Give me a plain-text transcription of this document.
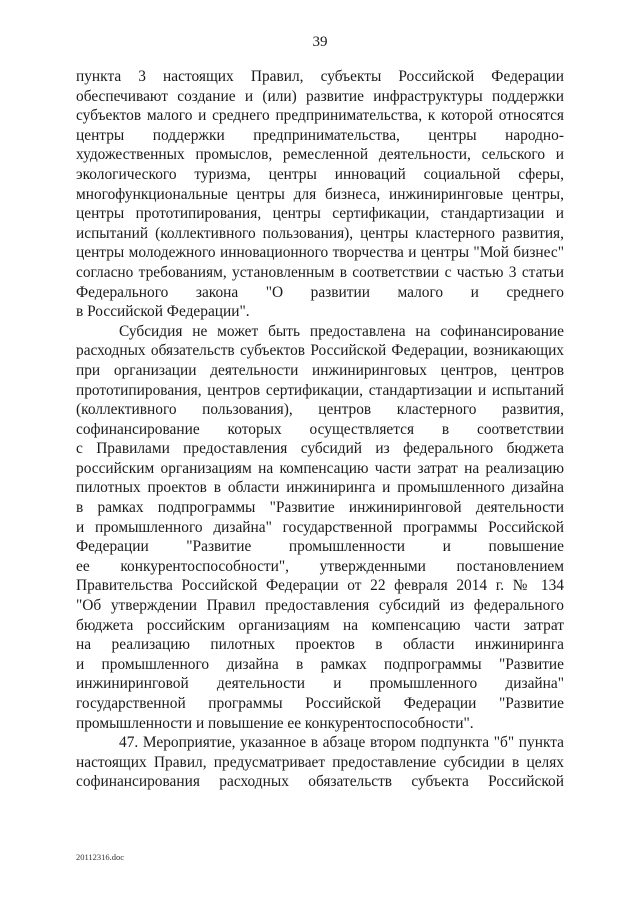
39
пункта 3 настоящих Правил, субъекты Российской Федерации
обеспечивают создание и (или) развитие инфраструктуры поддержки
субъектов малого и среднего предпринимательства, к которой относятся
центры поддержки предпринимательства, центры народно-
художественных промыслов, ремесленной деятельности, сельского и
экологического туризма, центры инноваций социальной сферы,
многофункциональные центры для бизнеса, инжиниринговые центры,
центры прототипирования, центры сертификации, стандартизации и
испытаний (коллективного пользования), центры кластерного развития,
центры молодежного инновационного творчества и центры "Мой бизнес"
согласно требованиям, установленным в соответствии с частью 3 статьи
Федерального закона "О развитии малого и среднего
в Российской Федерации".
Субсидия не может быть предоставлена на софинансирование
расходных обязательств субъектов Российской Федерации, возникающих
при организации деятельности инжиниринговых центров, центров
прототипирования, центров сертификации, стандартизации и испытаний
(коллективного пользования), центров кластерного развития,
софинансирование которых осуществляется в соответствии
с Правилами предоставления субсидий из федерального бюджета
российским организациям на компенсацию части затрат на реализацию
пилотных проектов в области инжиниринга и промышленного дизайна
в рамках подпрограммы "Развитие инжиниринговой деятельности
и промышленного дизайна" государственной программы Российской
Федерации "Развитие промышленности и повышение
ее конкурентоспособности", утвержденными постановлением
Правительства Российской Федерации от 22 февраля 2014 г. № 134
"Об утверждении Правил предоставления субсидий из федерального
бюджета российским организациям на компенсацию части затрат
на реализацию пилотных проектов в области инжиниринга
и промышленного дизайна в рамках подпрограммы "Развитие
инжиниринговой деятельности и промышленного дизайна"
государственной программы Российской Федерации "Развитие
промышленности и повышение ее конкурентоспособности".
47. Мероприятие, указанное в абзаце втором подпункта "б" пункта
настоящих Правил, предусматривает предоставление субсидии в целях
софинансирования расходных обязательств субъекта Российской
20112316.doc
